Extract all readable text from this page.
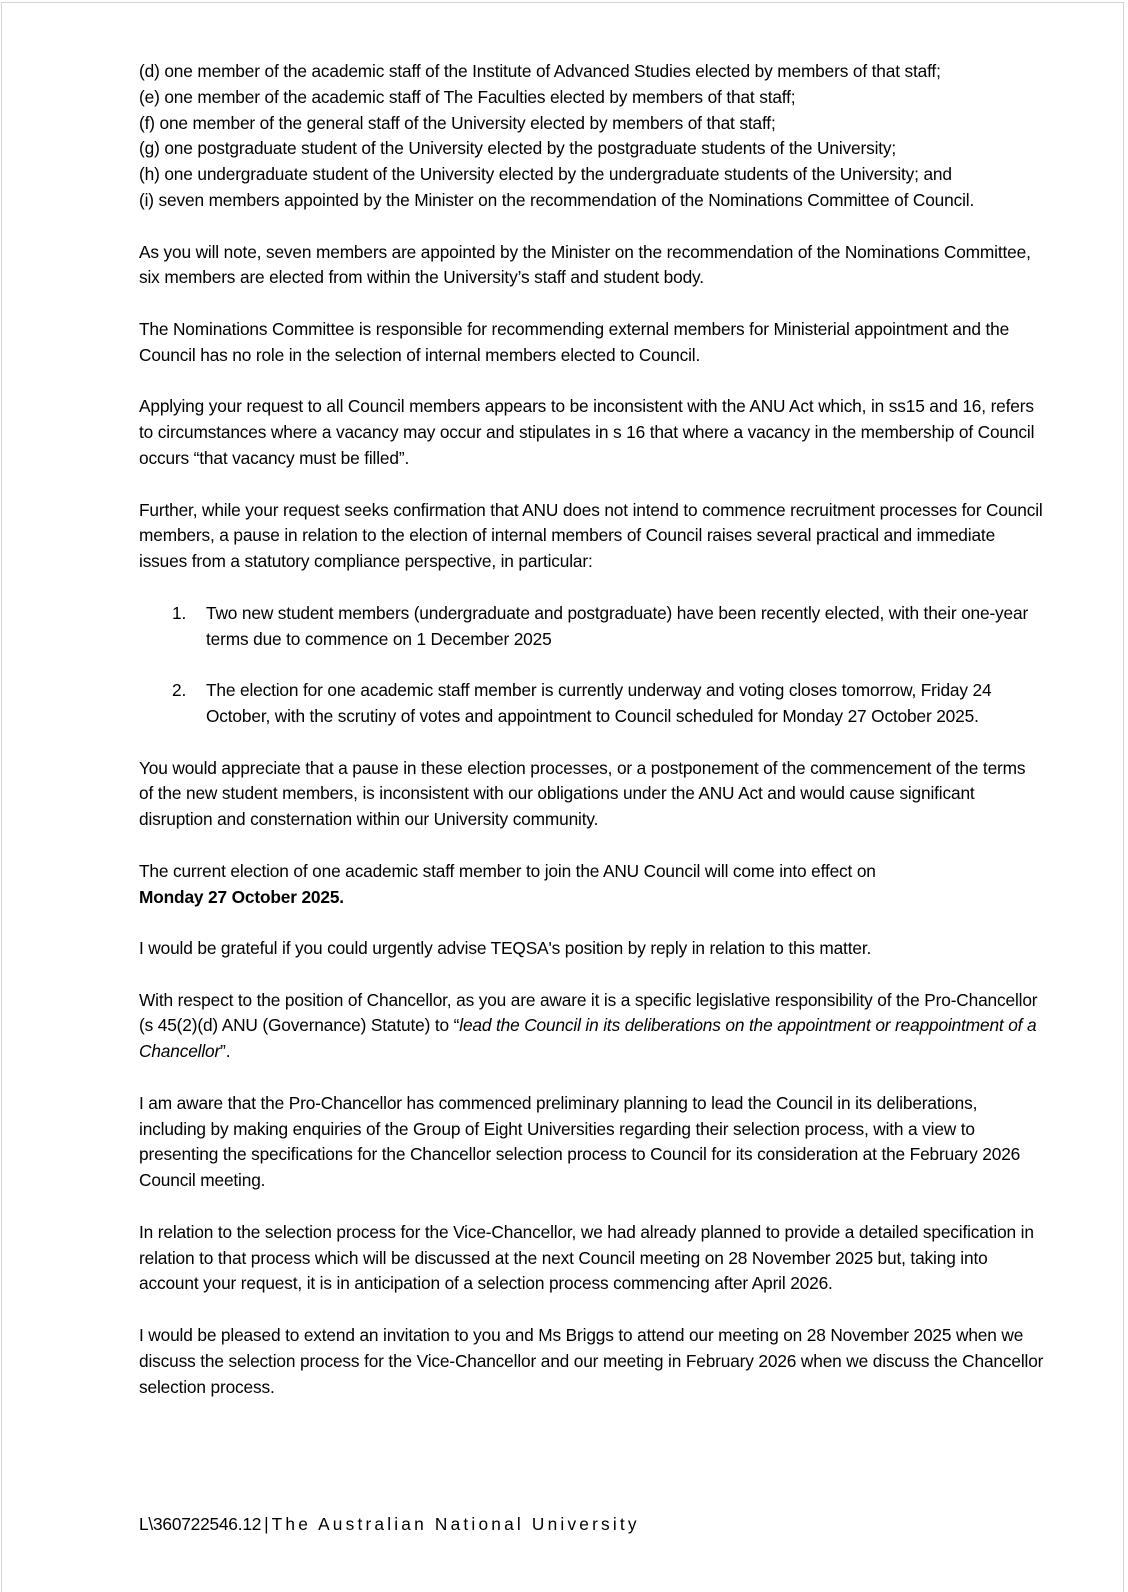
(d) one member of the academic staff of the Institute of Advanced Studies elected by members of that staff;

(e) one member of the academic staff of The Faculties elected by members of that staff;

(f) one member of the general staff of the University elected by members of that staff;

(g) one postgraduate student of the University elected by the postgraduate students of the University;

(h) one undergraduate student of the University elected by the undergraduate students of the University; and

(i) seven members appointed by the Minister on the recommendation of the Nominations Committee of Council.

As you will note, seven members are appointed by the Minister on the recommendation of the Nominations Committee, six members are elected from within the University’s staff and student body.

The Nominations Committee is responsible for recommending external members for Ministerial appointment and the Council has no role in the selection of internal members elected to Council.

Applying your request to all Council members appears to be inconsistent with the ANU Act which, in ss15 and 16, refers to circumstances where a vacancy may occur and stipulates in s 16 that where a vacancy in the membership of Council occurs “that vacancy must be filled”.

Further, while your request seeks confirmation that ANU does not intend to commence recruitment processes for Council members, a pause in relation to the election of internal members of Council raises several practical and immediate issues from a statutory compliance perspective, in particular:

1. Two new student members (undergraduate and postgraduate) have been recently elected, with their one-year terms due to commence on 1 December 2025
2. The election for one academic staff member is currently underway and voting closes tomorrow, Friday 24 October, with the scrutiny of votes and appointment to Council scheduled for Monday 27 October 2025.

You would appreciate that a pause in these election processes, or a postponement of the commencement of the terms of the new student members, is inconsistent with our obligations under the ANU Act and would cause significant disruption and consternation within our University community.

The current election of one academic staff member to join the ANU Council will come into effect on
Monday 27 October 2025.

I would be grateful if you could urgently advise TEQSA's position by reply in relation to this matter.

With respect to the position of Chancellor, as you are aware it is a specific legislative responsibility of the Pro-Chancellor (s 45(2)(d) ANU (Governance) Statute) to “lead the Council in its deliberations on the appointment or reappointment of a Chancellor”.

I am aware that the Pro-Chancellor has commenced preliminary planning to lead the Council in its deliberations, including by making enquiries of the Group of Eight Universities regarding their selection process, with a view to presenting the specifications for the Chancellor selection process to Council for its consideration at the February 2026 Council meeting.

In relation to the selection process for the Vice-Chancellor, we had already planned to provide a detailed specification in relation to that process which will be discussed at the next Council meeting on 28 November 2025 but, taking into account your request, it is in anticipation of a selection process commencing after April 2026.

I would be pleased to extend an invitation to you and Ms Briggs to attend our meeting on 28 November 2025 when we discuss the selection process for the Vice-Chancellor and our meeting in February 2026 when we discuss the Chancellor selection process.

L\360722546.12 | The Australian National University
